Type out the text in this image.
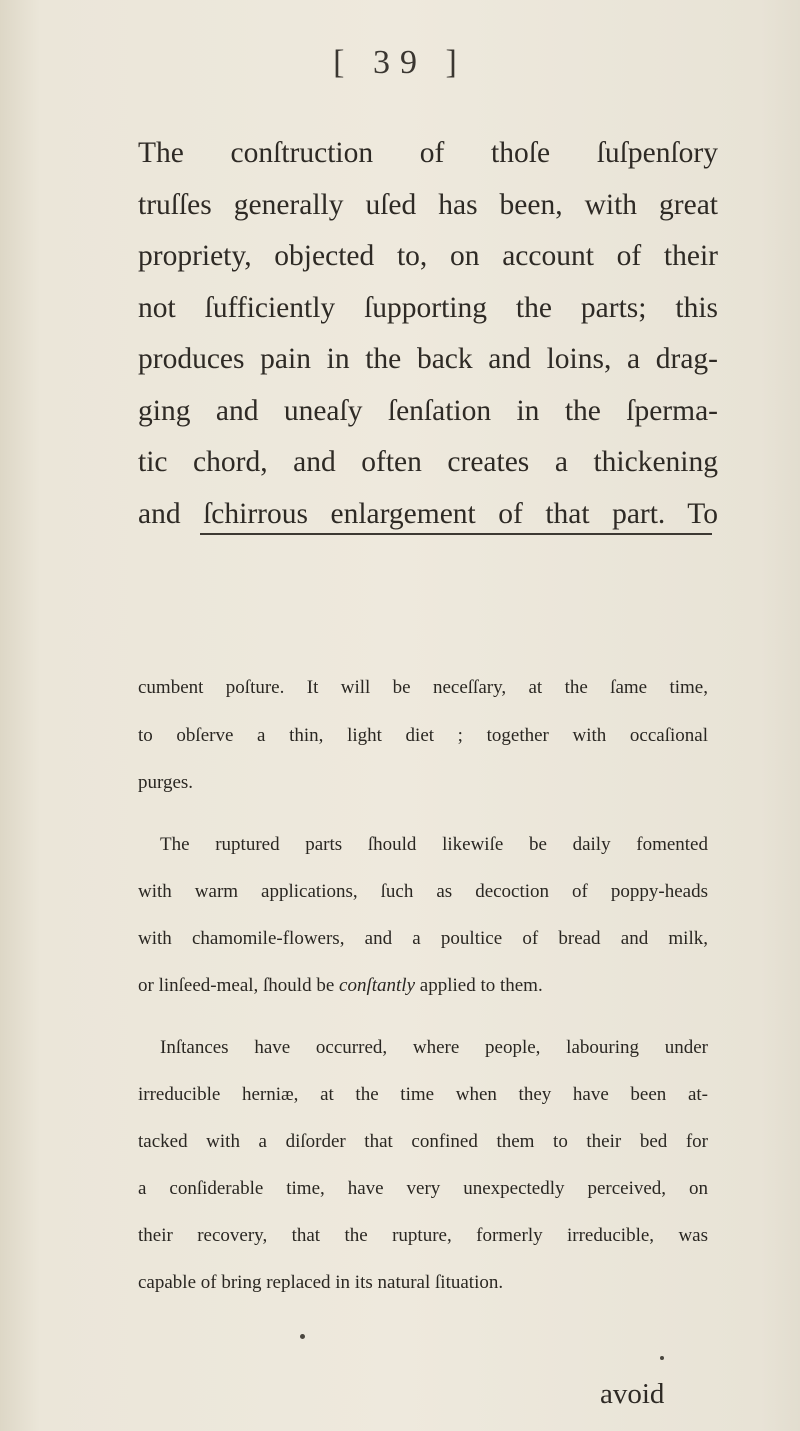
[ 39 ]
The conſtruction of thoſe ſuſpenſory
truſſes generally uſed has been, with great
propriety, objected to, on account of their
not ſufficiently ſupporting the parts; this
produces pain in the back and loins, a drag-
ging and uneaſy ſenſation in the ſperma-
tic chord, and often creates a thickening
and ſchirrous enlargement of that part. To
cumbent poſture. It will be neceſſary, at the ſame time,
to obſerve a thin, light diet ; together with occaſional
purges.
The ruptured parts ſhould likewiſe be daily fomented
with warm applications, ſuch as decoction of poppy-heads
with chamomile-flowers, and a poultice of bread and milk,
or linſeed-meal, ſhould be conſtantly applied to them.
Inſtances have occurred, where people, labouring under
irreducible herniæ, at the time when they have been at-
tacked with a diſorder that confined them to their bed for
a conſiderable time, have very unexpectedly perceived, on
their recovery, that the rupture, formerly irreducible, was
capable of bring replaced in its natural ſituation.
avoid
